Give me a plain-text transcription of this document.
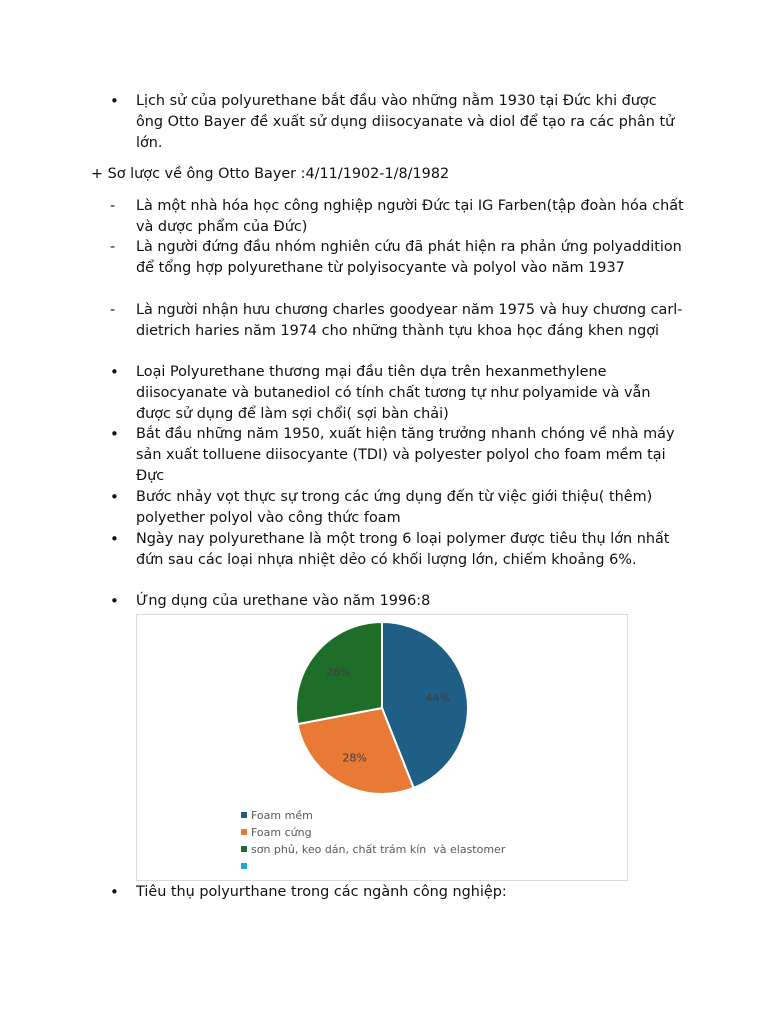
•	Lịch sử của polyurethane bắt đầu vào những nằm 1930 tại Đức khi được ông Otto Bayer đề xuất sử dụng diisocyanate và diol để tạo ra các phân tử lớn.
+ Sơ lược về ông Otto Bayer :4/11/1902-1/8/1982
-	Là một nhà hóa học công nghiệp người Đức tại IG Farben(tập đoàn hóa chất và dược phẩm của Đức)
-	Là người đứng đầu nhóm nghiên cứu đã phát hiện ra phản ứng polyaddition để tổng hợp polyurethane từ polyisocyante và polyol vào năm 1937
-	Là người nhận hưu chương charles goodyear năm 1975 và huy chương carl- dietrich haries năm 1974 cho những thành tựu khoa học đáng khen ngợi
•	Loại Polyurethane thương mại đầu tiên dựa trên hexanmethylene diisocyanate và butanediol có tính chất tương tự như polyamide và vẫn được sử dụng để làm sợi chổi( sợi bàn chải)
•	Bắt đầu những năm 1950, xuất hiện tăng trưởng nhanh chóng về nhà máy sản xuất tolluene diisocyante (TDI) và polyester polyol cho foam mềm tại Đực
•	Bước nhảy vọt thực sự trong các ứng dụng đến từ việc giới thiệu( thêm) polyether polyol vào công thức foam
•	Ngày nay polyurethane là một trong 6 loại polymer được tiêu thụ lớn nhất đứn sau các loại nhựa nhiệt dẻo có khối lượng lớn, chiếm khoảng 6%.
•	Ứng dụng của urethane vào năm 1996:8
44%
28%
28%
Foam mềm
Foam cứng
sơn phủ, keo dán, chất trám kín  và elastomer
•	Tiêu thụ polyurthane trong các ngành công nghiệp:
